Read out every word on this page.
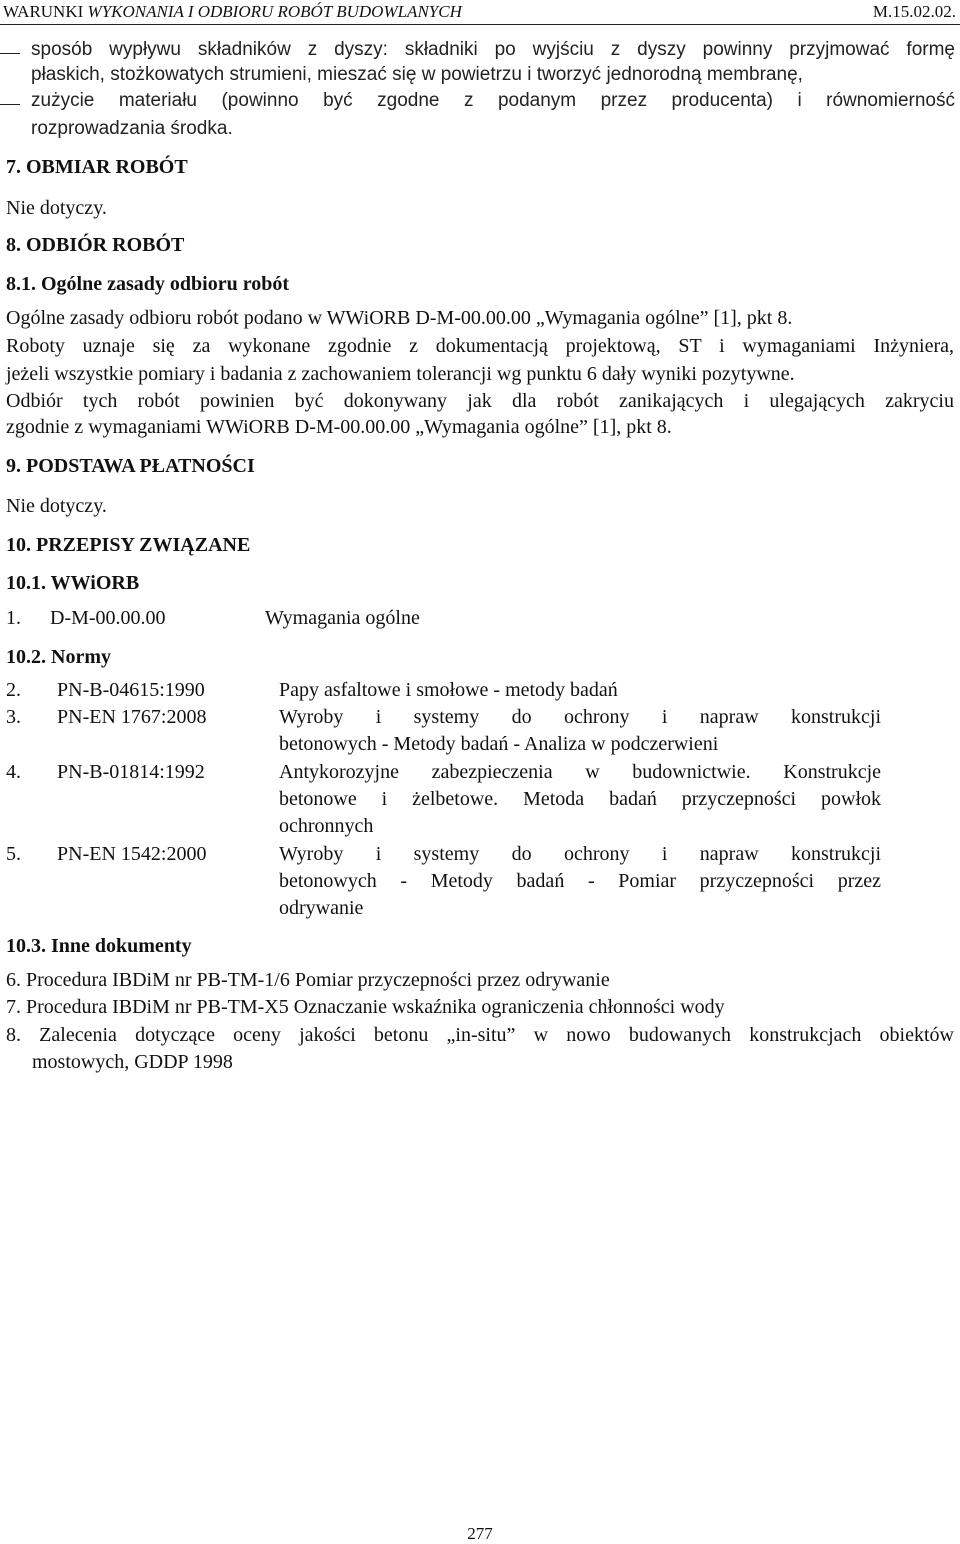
WARUNKI WYKONANIA I ODBIORU ROBÓT BUDOWLANYCH	M.15.02.02.
sposób wypływu składników z dyszy: składniki po wyjściu z dyszy powinny przyjmować formę
płaskich, stożkowatych strumieni, mieszać się w powietrzu i tworzyć jednorodną membranę,
zużycie materiału (powinno być zgodne z podanym przez producenta) i równomierność
rozprowadzania środka.
7. OBMIAR ROBÓT
Nie dotyczy.
8. ODBIÓR ROBÓT
8.1. Ogólne zasady odbioru robót
Ogólne zasady odbioru robót podano w WWiORB D-M-00.00.00 „Wymagania ogólne” [1], pkt 8.
Roboty uznaje się za wykonane zgodnie z dokumentacją projektową, ST i wymaganiami Inżyniera,
jeżeli wszystkie pomiary i badania z zachowaniem tolerancji wg punktu 6 dały wyniki pozytywne.
Odbiór tych robót powinien być dokonywany jak dla robót zanikających i ulegających zakryciu
zgodnie z wymaganiami WWiORB D-M-00.00.00 „Wymagania ogólne” [1], pkt 8.
9. PODSTAWA PŁATNOŚCI
Nie dotyczy.
10. PRZEPISY ZWIĄZANE
10.1. WWiORB
1. D-M-00.00.00	Wymagania ogólne
10.2. Normy
2. PN-B-04615:1990	Papy asfaltowe i smołowe - metody badań
3. PN-EN 1767:2008	Wyroby i systemy do ochrony i napraw konstrukcji
betonowych - Metody badań - Analiza w podczerwieni
4. PN-B-01814:1992	Antykorozyjne zabezpieczenia w budownictwie. Konstrukcje
betonowe i żelbetowe. Metoda badań przyczepności powłok
ochronnych
5. PN-EN 1542:2000	Wyroby i systemy do ochrony i napraw konstrukcji
betonowych - Metody badań - Pomiar przyczepności przez
odrywanie
10.3. Inne dokumenty
6. Procedura IBDiM nr PB-TM-1/6 Pomiar przyczepności przez odrywanie
7. Procedura IBDiM nr PB-TM-X5 Oznaczanie wskaźnika ograniczenia chłonności wody
8. Zalecenia dotyczące oceny jakości betonu „in-situ” w nowo budowanych konstrukcjach obiektów
mostowych, GDDP 1998
277
